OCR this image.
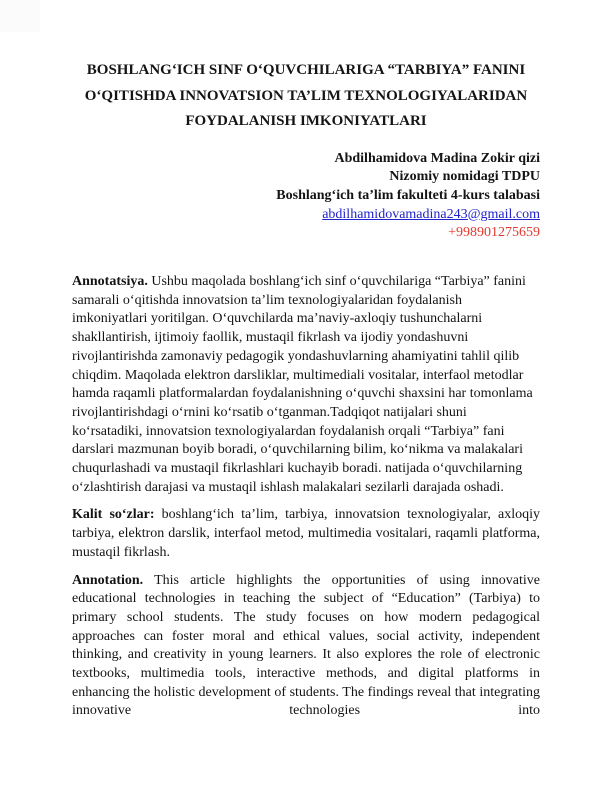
BOSHLANG‘ICH SINF O‘QUVCHILARIGA “TARBIYA” FANINI
O‘QITISHDA INNOVATSION TA’LIM TEXNOLOGIYALARIDAN
FOYDALANISH IMKONIYATLARI
Abdilhamidova Madina Zokir qizi
Nizomiy nomidagi TDPU
Boshlang‘ich ta’lim fakulteti 4-kurs talabasi
abdilhamidovamadina243@gmail.com
+998901275659

Annotatsiya. Ushbu maqolada boshlang‘ich sinf o‘quvchilariga “Tarbiya” fanini samarali o‘qitishda innovatsion ta’lim texnologiyalaridan foydalanish imkoniyatlari yoritilgan. O‘quvchilarda ma’naviy-axloqiy tushunchalarni shakllantirish, ijtimoiy faollik, mustaqil fikrlash va ijodiy yondashuvni rivojlantirishda zamonaviy pedagogik yondashuvlarning ahamiyatini tahlil qilib chiqdim. Maqolada elektron darsliklar, multimediali vositalar, interfaol metodlar hamda raqamli platformalardan foydalanishning o‘quvchi shaxsini har tomonlama rivojlantirishdagi o‘rnini ko‘rsatib o‘tganman.Tadqiqot natijalari shuni ko‘rsatadiki, innovatsion texnologiyalardan foydalanish orqali “Tarbiya” fani darslari mazmunan boyib boradi, o‘quvchilarning bilim, ko‘nikma va malakalari chuqurlashadi va mustaqil fikrlashlari kuchayib boradi. natijada o‘quvchilarning o‘zlashtirish darajasi va mustaqil ishlash malakalari sezilarli darajada oshadi.

Kalit so‘zlar: boshlang‘ich ta’lim, tarbiya, innovatsion texnologiyalar, axloqiy tarbiya, elektron darslik, interfaol metod, multimedia vositalari, raqamli platforma, mustaqil fikrlash.

Annotation. This article highlights the opportunities of using innovative educational technologies in teaching the subject of “Education” (Tarbiya) to primary school students. The study focuses on how modern pedagogical approaches can foster moral and ethical values, social activity, independent thinking, and creativity in young learners. It also explores the role of electronic textbooks, multimedia tools, interactive methods, and digital platforms in enhancing the holistic development of students. The findings reveal that integrating innovative technologies into
